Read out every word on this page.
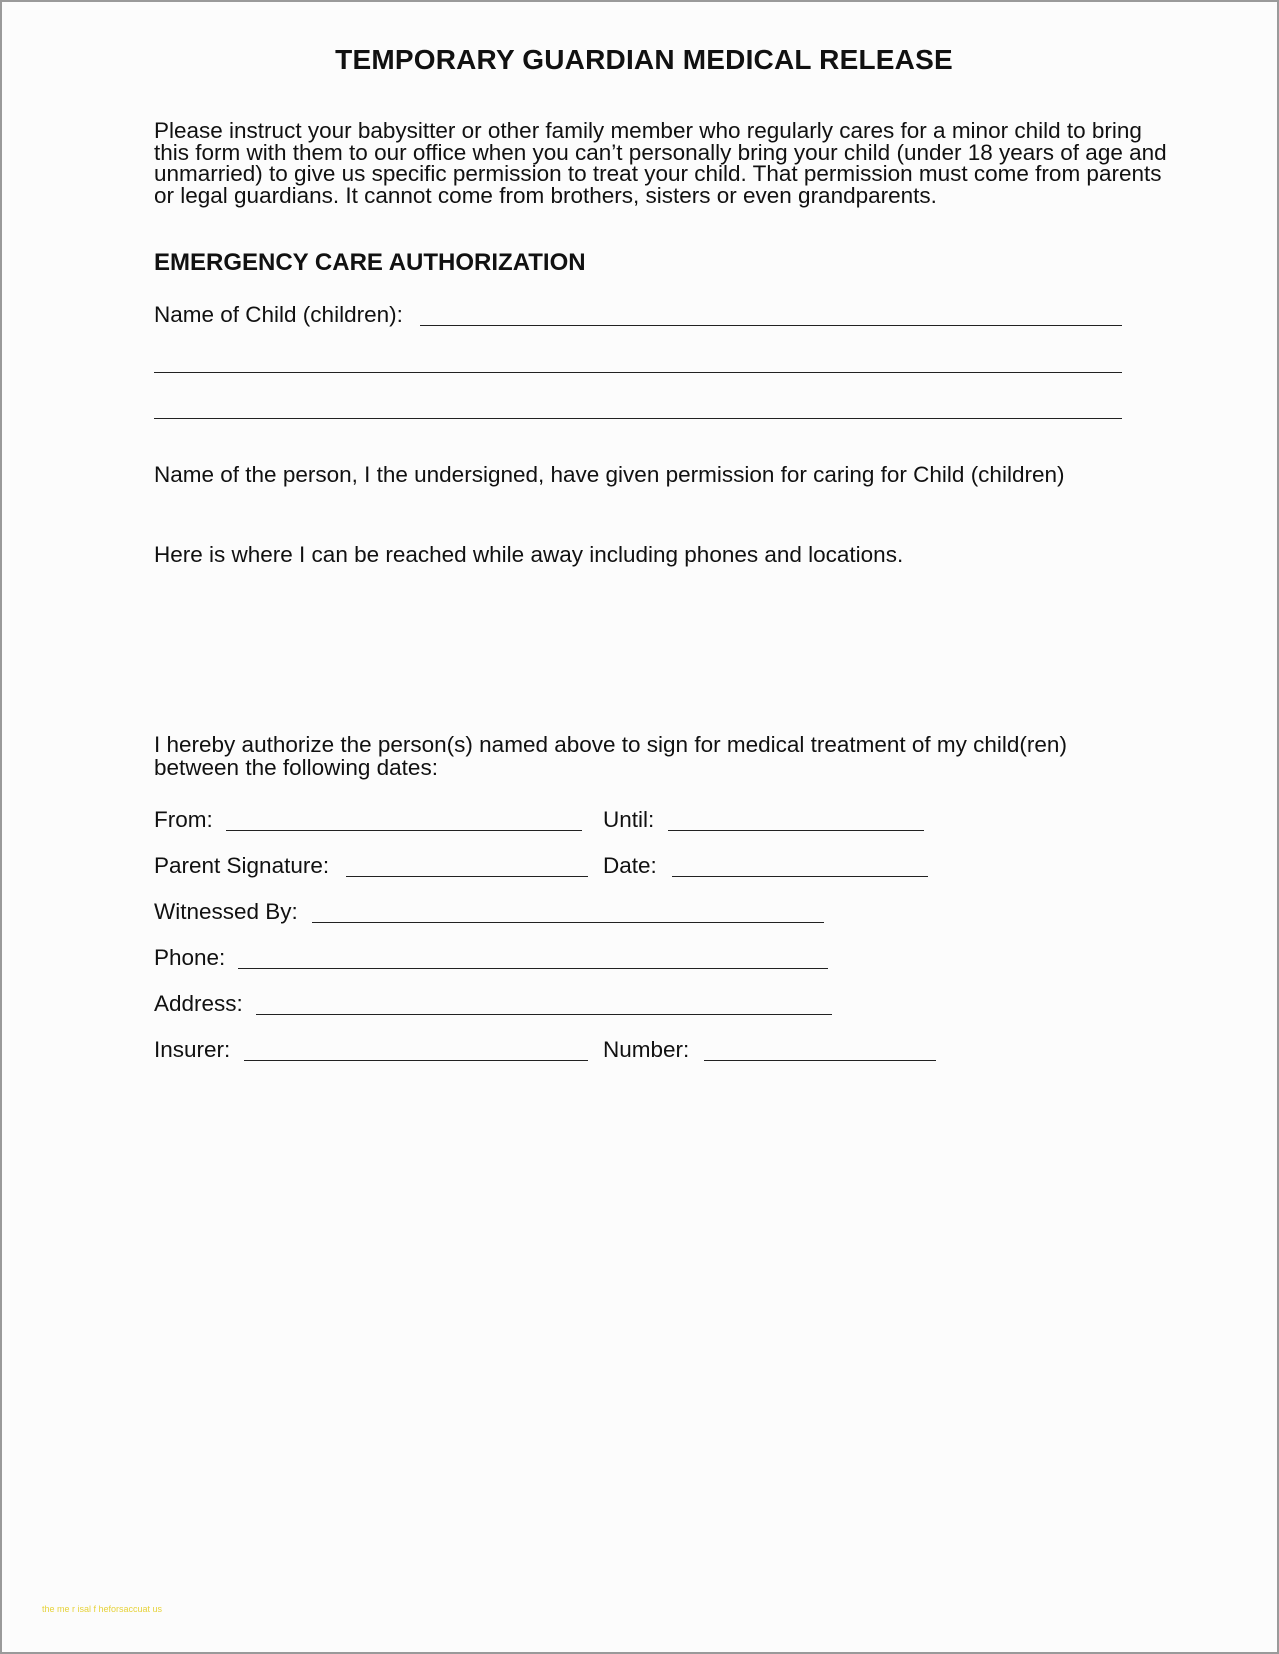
TEMPORARY GUARDIAN MEDICAL RELEASE
Please instruct your babysitter or other family member who regularly cares for a minor child to bring
this form with them to our office when you can’t personally bring your child (under 18 years of age and
unmarried) to give us specific permission to treat your child. That permission must come from parents
or legal guardians. It cannot come from brothers, sisters or even grandparents.
EMERGENCY CARE AUTHORIZATION
Name of Child (children):
Name of the person, I the undersigned, have given permission for caring for Child (children)
Here is where I can be reached while away including phones and locations.
I hereby authorize the person(s) named above to sign for medical treatment of my child(ren)
between the following dates:
From:	Until:
Parent Signature:	Date:
Witnessed By:
Phone:
Address:
Insurer:	Number:
the me r isal f heforsaccuat us
